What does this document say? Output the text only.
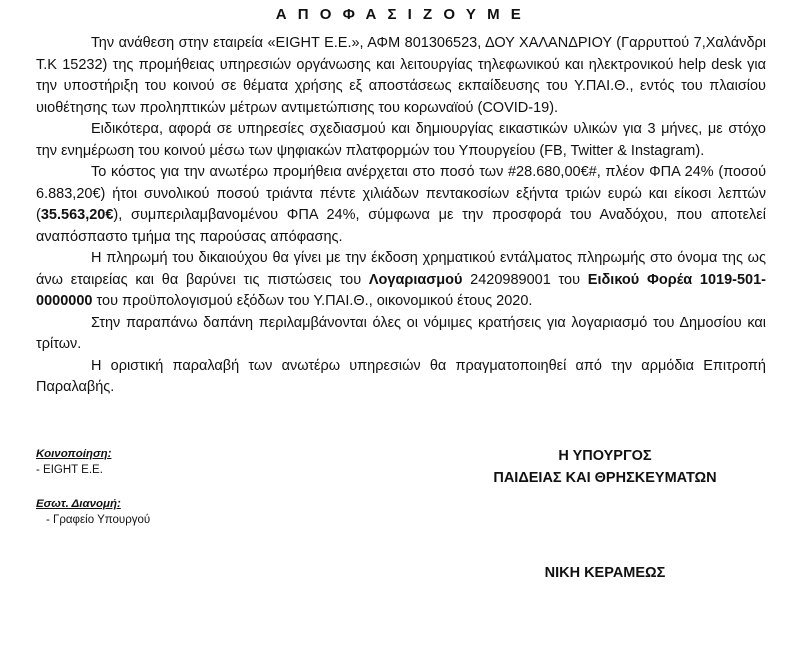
Α Π Ο Φ Α Σ Ι Ζ Ο Υ Μ Ε

Την ανάθεση στην εταιρεία «EIGHT Ε.Ε.», ΑΦΜ 801306523, ΔΟΥ ΧΑΛΑΝΔΡΙΟΥ (Γαρρυττού 7,Χαλάνδρι Τ.Κ 15232) της προμήθειας υπηρεσιών οργάνωσης και λειτουργίας τηλεφωνικού και ηλεκτρονικού help desk για την υποστήριξη του κοινού σε θέματα χρήσης εξ αποστάσεως εκπαίδευσης του Υ.ΠΑΙ.Θ., εντός του πλαισίου υιοθέτησης των προληπτικών μέτρων αντιμετώπισης του κορωναϊού (COVID-19).

Ειδικότερα, αφορά σε υπηρεσίες σχεδιασμού και δημιουργίας εικαστικών υλικών για 3 μήνες, με στόχο την ενημέρωση του κοινού μέσω των ψηφιακών πλατφορμών του Υπουργείου (FB, Twitter & Instagram).

Το κόστος για την ανωτέρω προμήθεια ανέρχεται στο ποσό των #28.680,00€#, πλέον ΦΠΑ 24% (ποσού 6.883,20€) ήτοι συνολικού ποσού τριάντα πέντε χιλιάδων πεντακοσίων εξήντα τριών ευρώ και είκοσι λεπτών (35.563,20€), συμπεριλαμβανομένου ΦΠΑ 24%, σύμφωνα με την προσφορά του Αναδόχου, που αποτελεί αναπόσπαστο τμήμα της παρούσας απόφασης.

Η πληρωμή του δικαιούχου θα γίνει με την έκδοση χρηματικού εντάλματος πληρωμής στο όνομα της ως άνω εταιρείας και θα βαρύνει τις πιστώσεις του Λογαριασμού 2420989001 του Ειδικού Φορέα 1019-501-0000000 του προϋπολογισμού εξόδων του Υ.ΠΑΙ.Θ., οικονομικού έτους 2020.

Στην παραπάνω δαπάνη περιλαμβάνονται όλες οι νόμιμες κρατήσεις για λογαριασμό του Δημοσίου και τρίτων.

Η οριστική παραλαβή των ανωτέρω υπηρεσιών θα πραγματοποιηθεί από την αρμόδια Επιτροπή Παραλαβής.

Κοινοποίηση:
- EIGHT E.E.
Εσωτ. Διανομή:
- Γραφείο Υπουργού
Η ΥΠΟΥΡΓΟΣ
ΠΑΙΔΕΙΑΣ ΚΑΙ ΘΡΗΣΚΕΥΜΑΤΩΝ
ΝΙΚΗ ΚΕΡΑΜΕΩΣ
